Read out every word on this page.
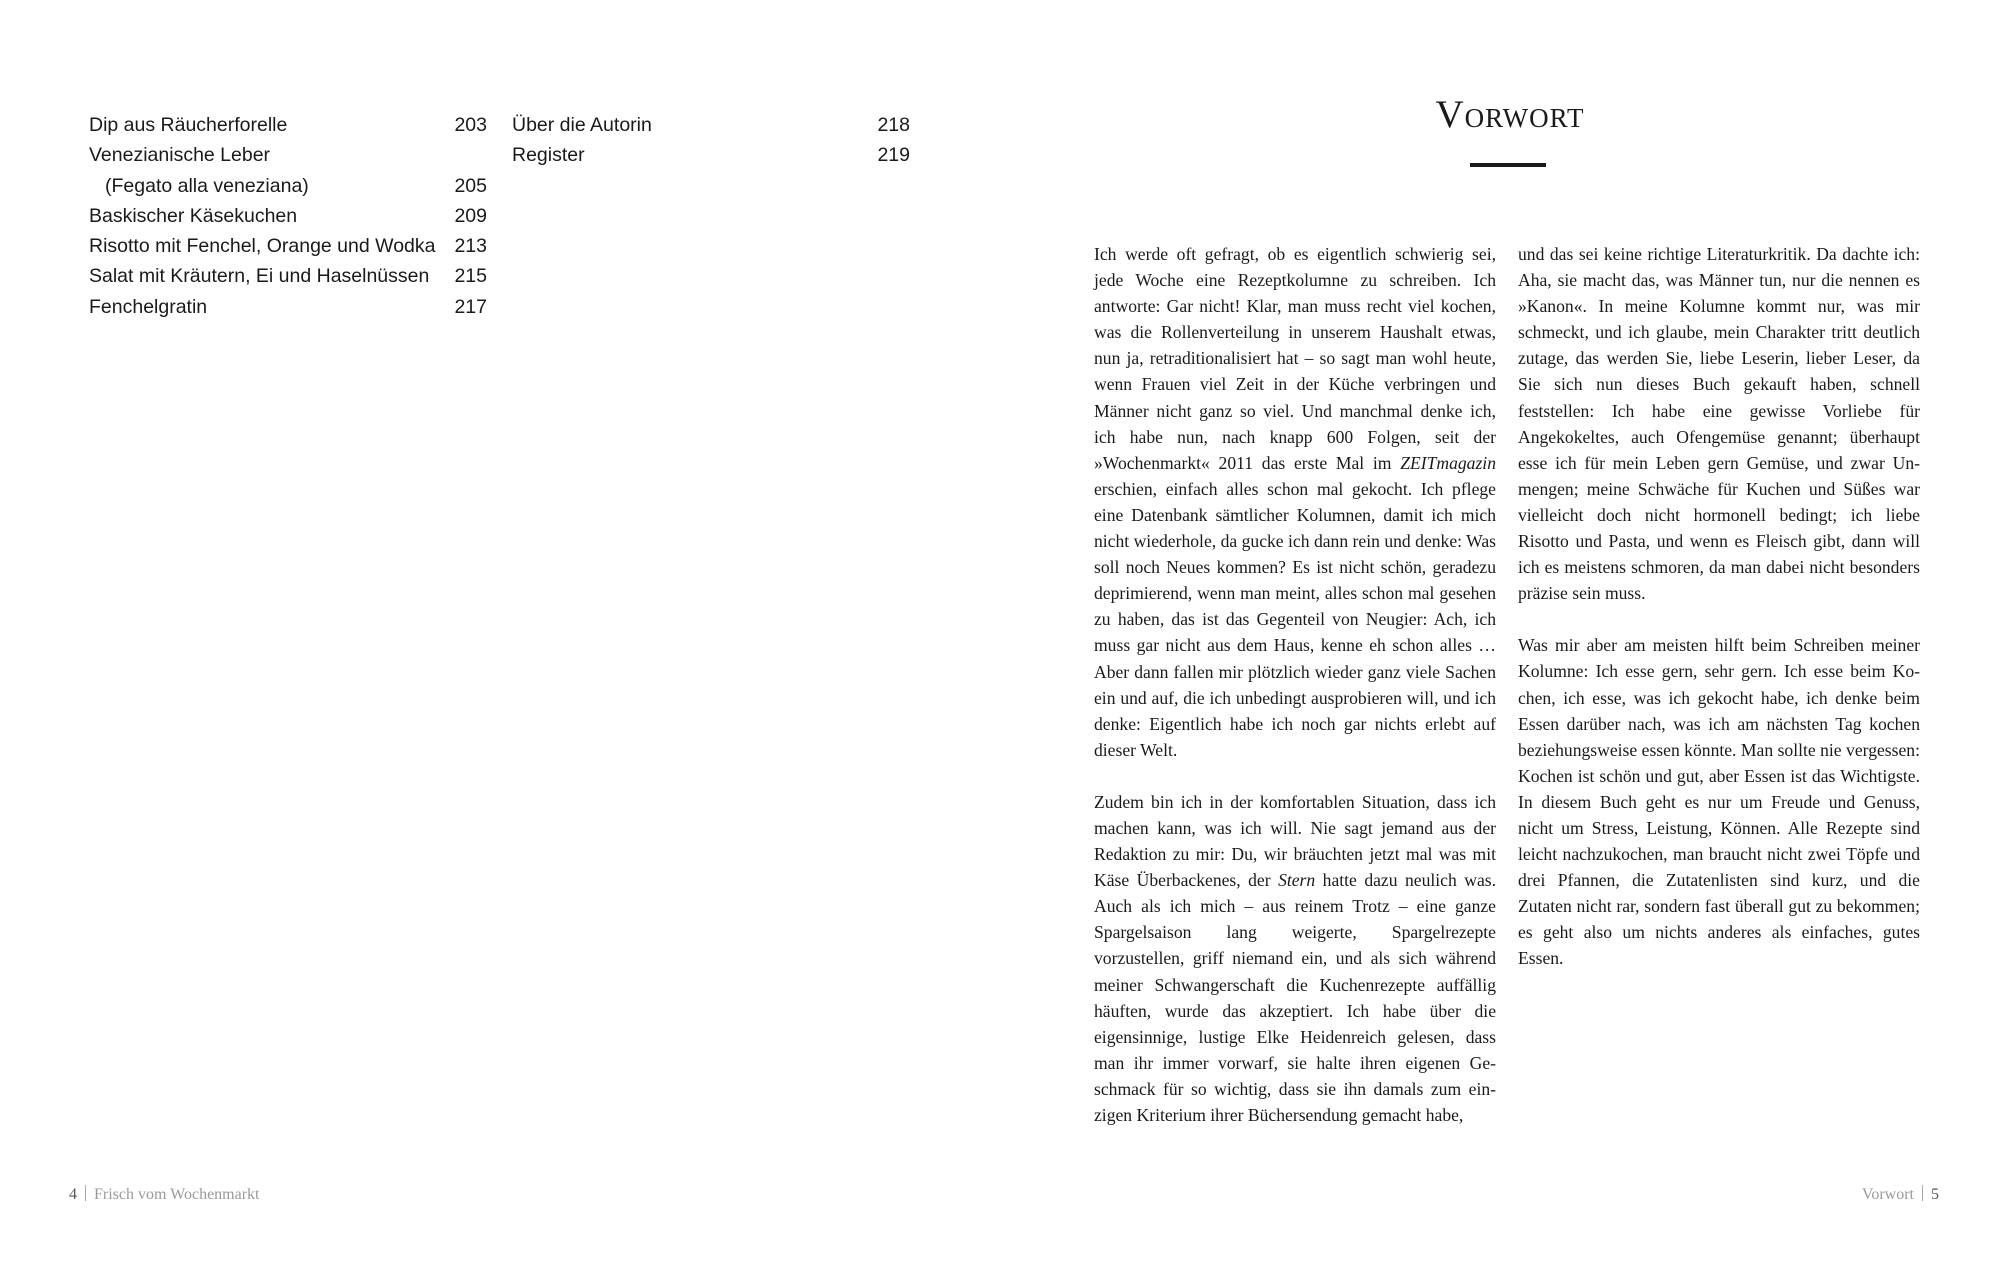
Dip aus Räucherforelle	203
Venezianische Leber
(Fegato alla veneziana)	205
Baskischer Käsekuchen	209
Risotto mit Fenchel, Orange und Wodka 213
Salat mit Kräutern, Ei und Haselnüssen 215
Fenchelgratin	217
Über die Autorin	218
Register	219
Vorwort

Ich werde oft gefragt, ob es eigentlich schwierig sei, jede Woche eine Rezeptkolumne zu schreiben. Ich antworte: Gar nicht! Klar, man muss recht viel kochen, was die Rollenverteilung in unserem Haushalt etwas, nun ja, retraditionalisiert hat – so sagt man wohl heute, wenn Frauen viel Zeit in der Küche verbringen und Männer nicht ganz so viel. Und manchmal denke ich, ich habe nun, nach knapp 600 Folgen, seit der »Wochenmarkt« 2011 das erste Mal im ZEITmagazin erschien, einfach alles schon mal gekocht. Ich pflege eine Datenbank sämtlicher Kolumnen, damit ich mich nicht wiederhole, da gucke ich dann rein und denke: Was soll noch Neues kommen? Es ist nicht schön, geradezu deprimierend, wenn man meint, alles schon mal gesehen zu haben, das ist das Gegenteil von Neugier: Ach, ich muss gar nicht aus dem Haus, kenne eh schon alles … Aber dann fallen mir plötzlich wieder ganz viele Sachen ein und auf, die ich unbedingt ausprobieren will, und ich denke: Eigentlich habe ich noch gar nichts erlebt auf dieser Welt.

Zudem bin ich in der komfortablen Situation, dass ich machen kann, was ich will. Nie sagt jemand aus der Redaktion zu mir: Du, wir bräuchten jetzt mal was mit Käse Überbackenes, der Stern hatte dazu neulich was. Auch als ich mich – aus reinem Trotz – eine ganze Spargelsaison lang weigerte, Spargelrezepte vorzustellen, griff niemand ein, und als sich während meiner Schwangerschaft die Kuchenrezepte auffällig häuften, wurde das akzeptiert. Ich habe über die eigensinnige, lustige Elke Heidenreich gelesen, dass man ihr immer vorwarf, sie halte ihren eigenen Geschmack für so wichtig, dass sie ihn damals zum einzigen Kriterium ihrer Büchersendung gemacht habe,

und das sei keine richtige Literaturkritik. Da dachte ich: Aha, sie macht das, was Männer tun, nur die nennen es »Kanon«. In meine Kolumne kommt nur, was mir schmeckt, und ich glaube, mein Charakter tritt deutlich zutage, das werden Sie, liebe Leserin, lieber Leser, da Sie sich nun dieses Buch gekauft haben, schnell feststellen: Ich habe eine gewisse Vorliebe für Angekokeltes, auch Ofengemüse genannt; überhaupt esse ich für mein Leben gern Gemüse, und zwar Unmengen; meine Schwäche für Kuchen und Süßes war vielleicht doch nicht hormonell bedingt; ich liebe Risotto und Pasta, und wenn es Fleisch gibt, dann will ich es meistens schmoren, da man dabei nicht besonders präzise sein muss.

Was mir aber am meisten hilft beim Schreiben meiner Kolumne: Ich esse gern, sehr gern. Ich esse beim Kochen, ich esse, was ich gekocht habe, ich denke beim Essen darüber nach, was ich am nächsten Tag kochen beziehungsweise essen könnte. Man sollte nie vergessen: Kochen ist schön und gut, aber Essen ist das Wichtigste. In diesem Buch geht es nur um Freude und Genuss, nicht um Stress, Leistung, Können. Alle Rezepte sind leicht nachzukochen, man braucht nicht zwei Töpfe und drei Pfannen, die Zutatenlisten sind kurz, und die Zutaten nicht rar, sondern fast überall gut zu bekommen; es geht also um nichts anderes als einfaches, gutes Essen.

4 Frisch vom Wochenmarkt	Vorwort 5
